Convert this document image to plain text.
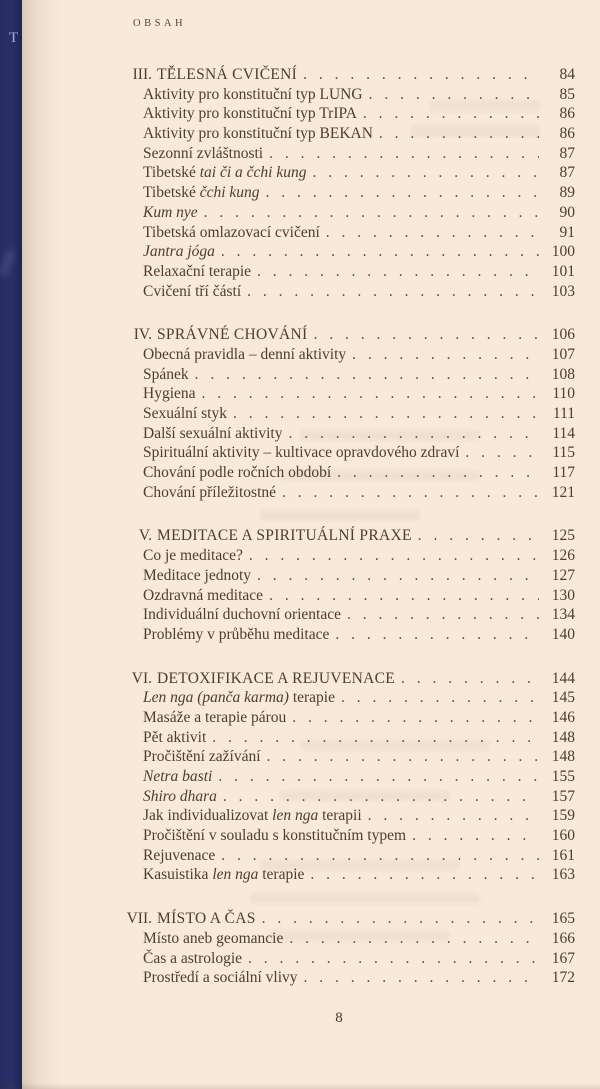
T
OBSAH
III. TĚLESNÁ CVIČENÍ . . .	84
Aktivity pro konstituční typ LUNG . . .	85
Aktivity pro konstituční typ TrIPA . . .	86
Aktivity pro konstituční typ BEKAN . . .	86
Sezonní zvláštnosti . . .	87
Tibetské tai či a čchi kung . . .	87
Tibetské čchi kung . . .	89
Kum nye . . .	90
Tibetská omlazovací cvičení . . .	91
Jantra jóga . . .	100
Relaxační terapie . . .	101
Cvičení tří částí . . .	103
IV. SPRÁVNÉ CHOVÁNÍ . . .	106
Obecná pravidla – denní aktivity . . .	107
Spánek . . .	108
Hygiena . . .	110
Sexuální styk . . .	111
Další sexuální aktivity . . .	114
Spirituální aktivity – kultivace opravdového zdraví . . .	115
Chování podle ročních období . . .	117
Chování příležitostné . . .	121
V. MEDITACE A SPIRITUÁLNÍ PRAXE . . .	125
Co je meditace? . . .	126
Meditace jednoty . . .	127
Ozdravná meditace . . .	130
Individuální duchovní orientace . . .	134
Problémy v průběhu meditace . . .	140
VI. DETOXIFIKACE A REJUVENACE . . .	144
Len nga (panča karma) terapie . . .	145
Masáže a terapie párou . . .	146
Pět aktivit . . .	148
Pročištění zažívání . . .	148
Netra basti . . .	155
Shiro dhara . . .	157
Jak individualizovat len nga terapii . . .	159
Pročištění v souladu s konstitučním typem . . .	160
Rejuvenace . . .	161
Kasuistika len nga terapie . . .	163
VII. MÍSTO A ČAS . . .	165
Místo aneb geomancie . . .	166
Čas a astrologie . . .	167
Prostředí a sociální vlivy . . .	172
8
